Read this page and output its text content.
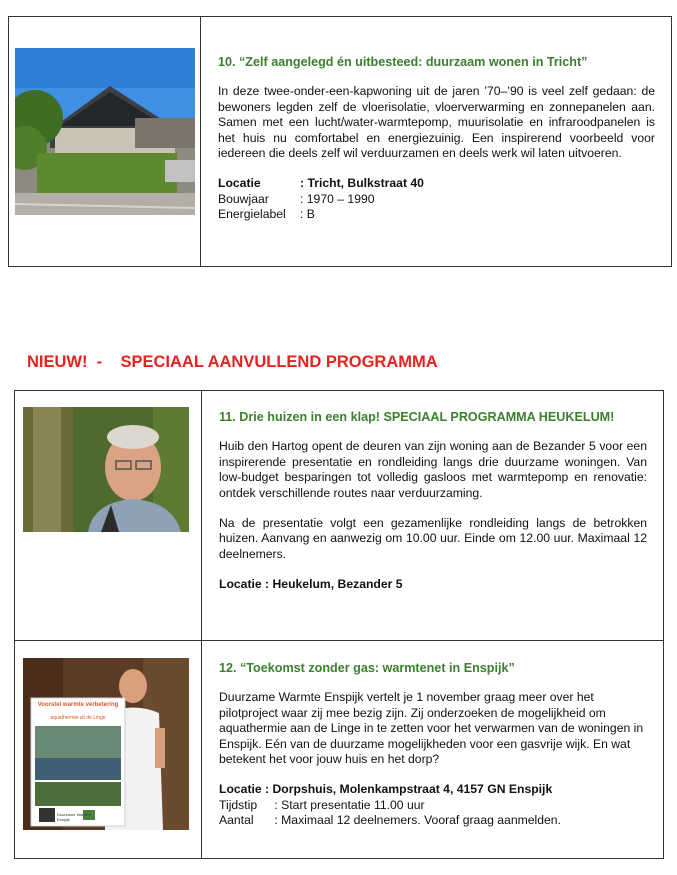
10. “Zelf aangelegd én uitbesteed: duurzaam wonen in Tricht”

In deze twee-onder-een-kapwoning uit de jaren ’70–’90 is veel zelf gedaan: de bewoners legden zelf de vloerisolatie, vloerverwarming en zonnepanelen aan. Samen met een lucht/water-warmtepomp, muurisolatie en infraroodpanelen is het huis nu comfortabel en energiezuinig. Een inspirerend voorbeeld voor iedereen die deels zelf wil verduurzamen en deels werk wil laten uitvoeren.

Locatie	: Tricht, Bulkstraat 40
Bouwjaar	: 1970 – 1990
Energielabel	: B

NIEUW!  -    SPECIAAL AANVULLEND PROGRAMMA

11. Drie huizen in een klap! SPECIAAL PROGRAMMA HEUKELUM!

Huib den Hartog opent de deuren van zijn woning aan de Bezander 5 voor een inspirerende presentatie en rondleiding langs drie duurzame woningen. Van low-budget besparingen tot volledig gasloos met warmtepomp en renovatie: ontdek verschillende routes naar verduurzaming.

Na de presentatie volgt een gezamenlijke rondleiding langs de betrokken huizen. Aanvang en aanwezig om 10.00 uur. Einde om 12.00 uur. Maximaal 12 deelnemers.

Locatie : Heukelum, Bezander 5
Voorstel warmte verbetering
aquathermie uit de Linge
Duurzame Warmte Enspijk
12. “Toekomst zonder gas: warmtenet in Enspijk”

Duurzame Warmte Enspijk vertelt je 1 november graag meer over het pilotproject waar zij mee bezig zijn. Zij onderzoeken de mogelijkheid om aquathermie aan de Linge in te zetten voor het verwarmen van de woningen in Enspijk. Eén van de duurzame mogelijkheden voor een gasvrije wijk. En wat betekent het voor jouw huis en het dorp?

Locatie : Dorpshuis, Molenkampstraat 4, 4157 GN Enspijk
Tijdstip	: Start presentatie 11.00 uur
Aantal	: Maximaal 12 deelnemers. Vooraf graag aanmelden.
